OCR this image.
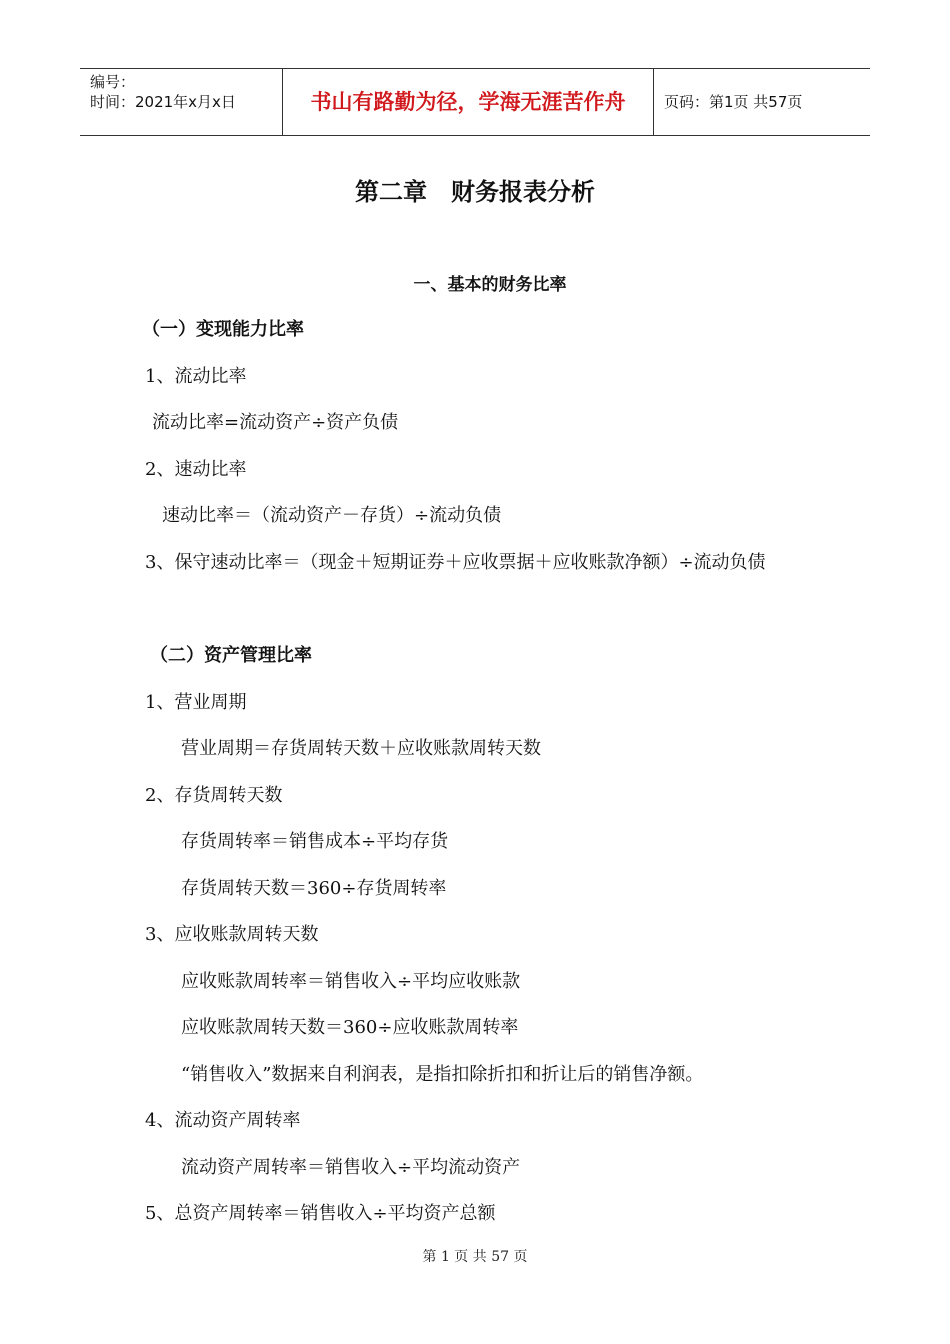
编号：
时间：2021年x月x日	书山有路勤为径，学海无涯苦作舟	页码：第1页 共57页
第二章　财务报表分析
一、基本的财务比率
（一）变现能力比率
1、流动比率
流动比率=流动资产÷资产负债
2、速动比率
速动比率＝（流动资产－存货）÷流动负债
3、保守速动比率＝（现金＋短期证券＋应收票据＋应收账款净额）÷流动负债
（二）资产管理比率
1、营业周期
营业周期＝存货周转天数＋应收账款周转天数
2、存货周转天数
存货周转率＝销售成本÷平均存货
存货周转天数＝360÷存货周转率
3、应收账款周转天数
应收账款周转率＝销售收入÷平均应收账款
应收账款周转天数＝360÷应收账款周转率
“销售收入”数据来自利润表，是指扣除折扣和折让后的销售净额。
4、流动资产周转率
流动资产周转率＝销售收入÷平均流动资产
5、总资产周转率＝销售收入÷平均资产总额
第 1 页 共 57 页
